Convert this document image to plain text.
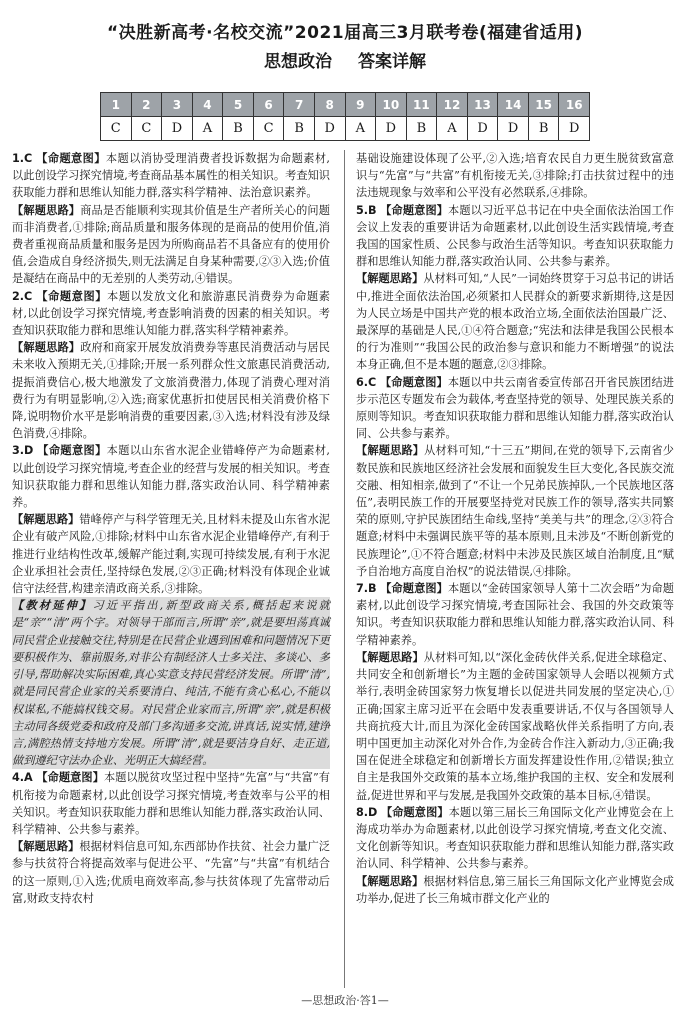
“决胜新高考·名校交流”2021届高三3月联考卷(福建省适用)
思想政治 答案详解
1	2	3	4	5	6	7	8	9	10	11	12	13	14	15	16
C	C	D	A	B	C	B	D	A	D	B	A	D	D	B	D
1.C 【命题意图】本题以消协受理消费者投诉数据为命题素材,以此创设学习探究情境,考查商品基本属性的相关知识。考查知识获取能力群和思维认知能力群,落实科学精神、法治意识素养。
【解题思路】商品是否能顺利实现其价值是生产者所关心的问题而非消费者,①排除;商品质量和服务体现的是商品的使用价值,消费者重视商品质量和服务是因为所购商品若不具备应有的使用价值,会造成自身经济损失,则无法满足自身某种需要,②③入选;价值是凝结在商品中的无差别的人类劳动,④错误。
2.C 【命题意图】本题以发放文化和旅游惠民消费券为命题素材,以此创设学习探究情境,考查影响消费的因素的相关知识。考查知识获取能力群和思维认知能力群,落实科学精神素养。
【解题思路】政府和商家开展发放消费券等惠民消费活动与居民未来收入预期无关,①排除;开展一系列群众性文旅惠民消费活动,提振消费信心,极大地激发了文旅消费潜力,体现了消费心理对消费行为有明显影响,②入选;商家优惠折扣使居民相关消费价格下降,说明物价水平是影响消费的重要因素,③入选;材料没有涉及绿色消费,④排除。
3.D 【命题意图】本题以山东省水泥企业错峰停产为命题素材,以此创设学习探究情境,考查企业的经营与发展的相关知识。考查知识获取能力群和思维认知能力群,落实政治认同、科学精神素养。
【解题思路】错峰停产与科学管理无关,且材料未提及山东省水泥企业有破产风险,①排除;材料中山东省水泥企业错峰停产,有利于推进行业结构性改革,缓解产能过剩,实现可持续发展,有利于水泥企业承担社会责任,坚持绿色发展,②③正确;材料没有体现企业诚信守法经营,构建亲清政商关系,③排除。
【教材延伸】习近平指出,新型政商关系,概括起来说就是“亲”“清”两个字。对领导干部而言,所谓“亲”,就是要坦荡真诚同民营企业接触交往,特别是在民营企业遇到困难和问题情况下更要积极作为、靠前服务,对非公有制经济人士多关注、多谈心、多引导,帮助解决实际困难,真心实意支持民营经济发展。所谓“清”,就是同民营企业家的关系要清白、纯洁,不能有贪心私心,不能以权谋私,不能搞权钱交易。对民营企业家而言,所谓“亲”,就是积极主动同各级党委和政府及部门多沟通多交流,讲真话,说实情,建诤言,满腔热情支持地方发展。所谓“清”,就是要洁身自好、走正道,做到遵纪守法办企业、光明正大搞经营。
4.A 【命题意图】本题以脱贫攻坚过程中坚持“先富”与“共富”有机衔接为命题素材,以此创设学习探究情境,考查效率与公平的相关知识。考查知识获取能力群和思维认知能力群,落实政治认同、科学精神、公共参与素养。
【解题思路】根据材料信息可知,东西部协作扶贫、社会力量广泛参与扶贫符合将提高效率与促进公平、“先富”与“共富”有机结合的这一原则,①入选;优质电商效率高,参与扶贫体现了先富带动后富,财政支持农村
基础设施建设体现了公平,②入选;培育农民自力更生脱贫致富意识与“先富”与“共富”有机衔接无关,③排除;打击扶贫过程中的违法违规现象与效率和公平没有必然联系,④排除。
5.B 【命题意图】本题以习近平总书记在中央全面依法治国工作会议上发表的重要讲话为命题素材,以此创设生活实践情境,考查我国的国家性质、公民参与政治生活等知识。考查知识获取能力群和思维认知能力群,落实政治认同、公共参与素养。
【解题思路】从材料可知,“人民”一词始终贯穿于习总书记的讲话中,推进全面依法治国,必须紧扣人民群众的新要求新期待,这是因为人民立场是中国共产党的根本政治立场,全面依法治国最广泛、最深厚的基础是人民,①④符合题意;“宪法和法律是我国公民根本的行为准则”“我国公民的政治参与意识和能力不断增强”的说法本身正确,但不是本题的题意,②③排除。
6.C 【命题意图】本题以中共云南省委宣传部召开省民族团结进步示范区专题发布会为载体,考查坚持党的领导、处理民族关系的原则等知识。考查知识获取能力群和思维认知能力群,落实政治认同、公共参与素养。
【解题思路】从材料可知,“十三五”期间,在党的领导下,云南省少数民族和民族地区经济社会发展和面貌发生巨大变化,各民族交流交融、相知相亲,做到了“不让一个兄弟民族掉队,一个民族地区落伍”,表明民族工作的开展要坚持党对民族工作的领导,落实共同繁荣的原则,守护民族团结生命线,坚持“美美与共”的理念,②③符合题意;材料中未强调民族平等的基本原则,且未涉及“不断创新党的民族理论”,①不符合题意;材料中未涉及民族区域自治制度,且“赋予自治地方高度自治权”的说法错误,④排除。
7.B 【命题意图】本题以“金砖国家领导人第十二次会晤”为命题素材,以此创设学习探究情境,考查国际社会、我国的外交政策等知识。考查知识获取能力群和思维认知能力群,落实政治认同、科学精神素养。
【解题思路】从材料可知,以“深化金砖伙伴关系,促进全球稳定、共同安全和创新增长”为主题的金砖国家领导人会晤以视频方式举行,表明金砖国家努力恢复增长以促进共同发展的坚定决心,①正确;国家主席习近平在会晤中发表重要讲话,不仅与各国领导人共商抗疫大计,而且为深化金砖国家战略伙伴关系指明了方向,表明中国更加主动深化对外合作,为金砖合作注入新动力,③正确;我国在促进全球稳定和创新增长方面发挥建设性作用,②错误;独立自主是我国外交政策的基本立场,维护我国的主权、安全和发展利益,促进世界和平与发展,是我国外交政策的基本目标,④错误。
8.D 【命题意图】本题以第三届长三角国际文化产业博览会在上海成功举办为命题素材,以此创设学习探究情境,考查文化交流、文化创新等知识。考查知识获取能力群和思维认知能力群,落实政治认同、科学精神、公共参与素养。
【解题思路】根据材料信息,第三届长三角国际文化产业博览会成功举办,促进了长三角城市群文化产业的
—思想政治·答1—
